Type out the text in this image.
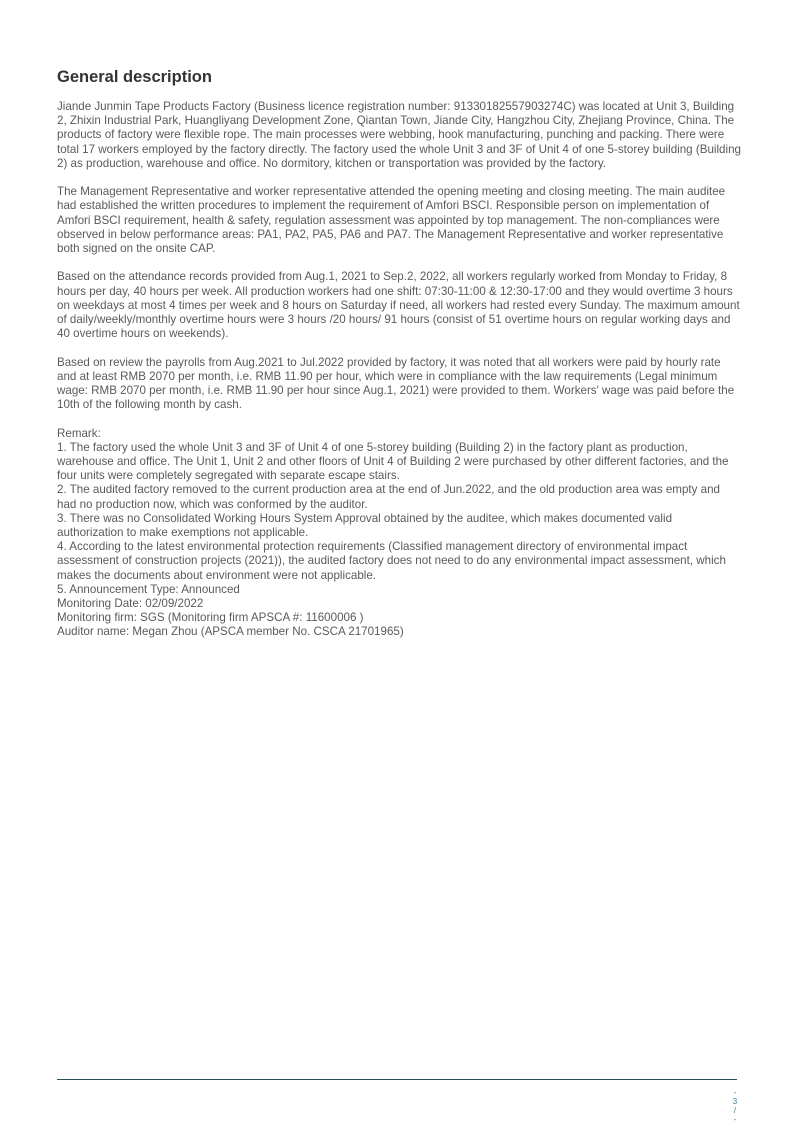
General description

Jiande Junmin Tape Products Factory (Business licence registration number: 91330182557903274C) was located at Unit 3, Building 2, Zhixin Industrial Park, Huangliyang Development Zone, Qiantan Town, Jiande City, Hangzhou City, Zhejiang Province, China. The products of factory were flexible rope. The main processes were webbing, hook manufacturing, punching and packing. There were total 17 workers employed by the factory directly. The factory used the whole Unit 3 and 3F of Unit 4 of one 5-storey building (Building 2) as production, warehouse and office. No dormitory, kitchen or transportation was provided by the factory.

The Management Representative and worker representative attended the opening meeting and closing meeting. The main auditee had established the written procedures to implement the requirement of Amfori BSCI. Responsible person on implementation of Amfori BSCI requirement, health & safety, regulation assessment was appointed by top management. The non-compliances were observed in below performance areas: PA1, PA2, PA5, PA6 and PA7. The Management Representative and worker representative both signed on the onsite CAP.

Based on the attendance records provided from Aug.1, 2021 to Sep.2, 2022, all workers regularly worked from Monday to Friday, 8 hours per day, 40 hours per week. All production workers had one shift: 07:30-11:00 & 12:30-17:00 and they would overtime 3 hours on weekdays at most 4 times per week and 8 hours on Saturday if need, all workers had rested every Sunday. The maximum amount of daily/weekly/monthly overtime hours were 3 hours /20 hours/ 91 hours (consist of 51 overtime hours on regular working days and 40 overtime hours on weekends).

Based on review the payrolls from Aug.2021 to Jul.2022 provided by factory, it was noted that all workers were paid by hourly rate and at least RMB 2070 per month, i.e. RMB 11.90 per hour, which were in compliance with the law requirements (Legal minimum wage: RMB 2070 per month, i.e. RMB 11.90 per hour since Aug.1, 2021) were provided to them. Workers' wage was paid before the 10th of the following month by cash.

Remark:

1. The factory used the whole Unit 3 and 3F of Unit 4 of one 5-storey building (Building 2) in the factory plant as production, warehouse and office. The Unit 1, Unit 2 and other floors of Unit 4 of Building 2 were purchased by other different factories, and the four units were completely segregated with separate escape stairs.

2. The audited factory removed to the current production area at the end of Jun.2022, and the old production area was empty and had no production now, which was conformed by the auditor.

3. There was no Consolidated Working Hours System Approval obtained by the auditee, which makes documented valid authorization to make exemptions not applicable.

4. According to the latest environmental protection requirements (Classified management directory of environmental impact assessment of construction projects (2021)), the audited factory does not need to do any environmental impact assessment, which makes the documents about environment were not applicable.

5. Announcement Type: Announced

Monitoring Date: 02/09/2022

Monitoring firm: SGS (Monitoring firm APSCA #: 11600006 )

Auditor name: Megan Zhou (APSCA member No. CSCA 21701965)

-
3
/
-
